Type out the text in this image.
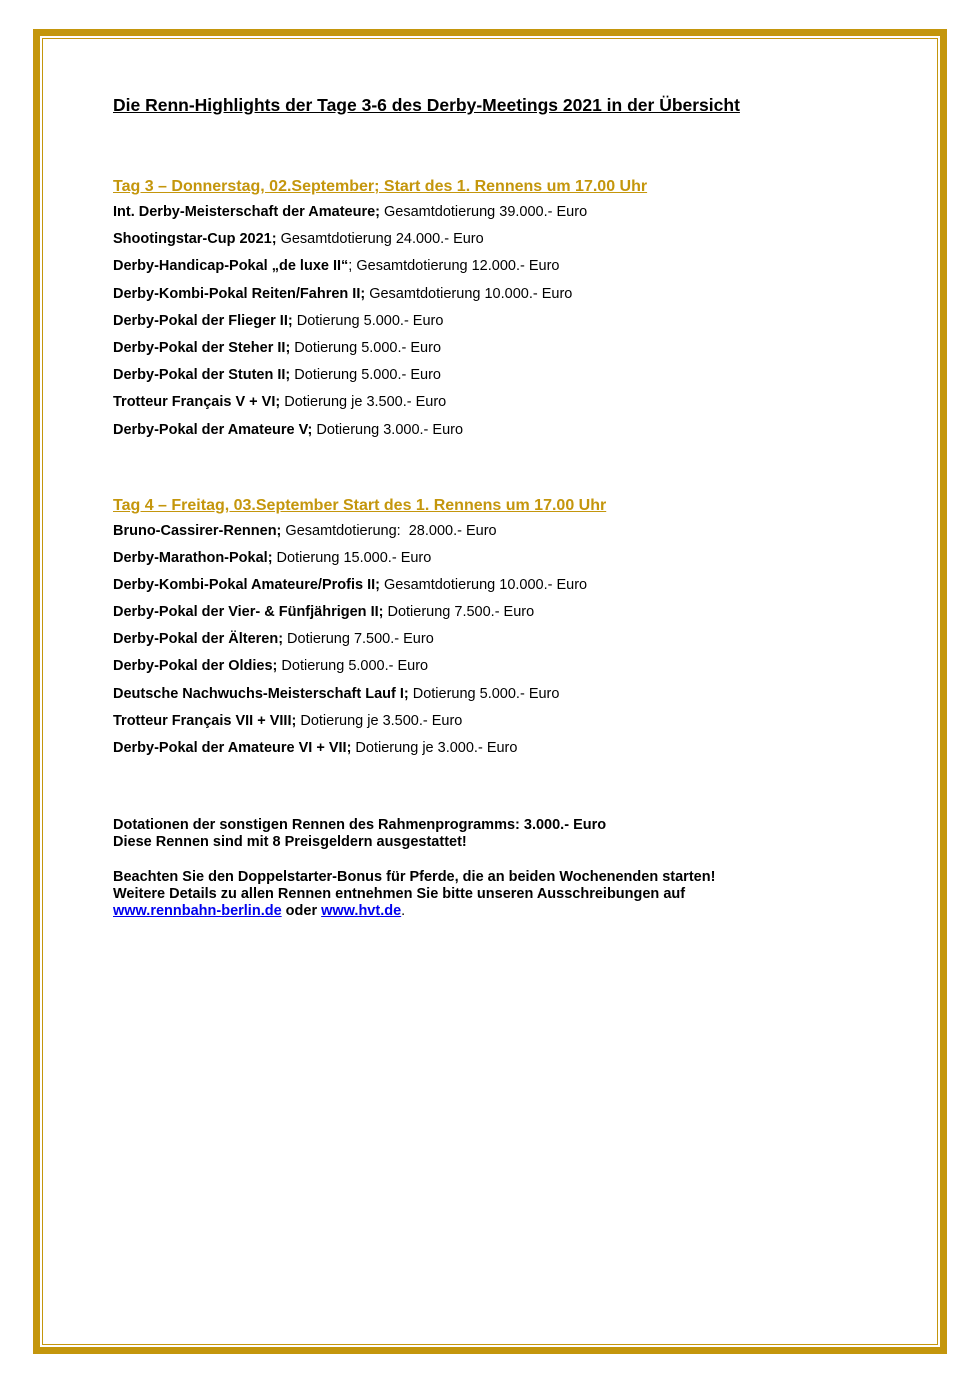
Die Renn-Highlights der Tage 3-6 des Derby-Meetings 2021 in der Übersicht
Tag 3 – Donnerstag, 02.September; Start des 1. Rennens um 17.00 Uhr
Int. Derby-Meisterschaft der Amateure; Gesamtdotierung 39.000.- Euro
Shootingstar-Cup 2021; Gesamtdotierung 24.000.- Euro
Derby-Handicap-Pokal „de luxe II“; Gesamtdotierung 12.000.- Euro
Derby-Kombi-Pokal Reiten/Fahren II; Gesamtdotierung 10.000.- Euro
Derby-Pokal der Flieger II; Dotierung 5.000.- Euro
Derby-Pokal der Steher II; Dotierung 5.000.- Euro
Derby-Pokal der Stuten II; Dotierung 5.000.- Euro
Trotteur Français V + VI; Dotierung je 3.500.- Euro
Derby-Pokal der Amateure V; Dotierung 3.000.- Euro
Tag 4 – Freitag, 03.September Start des 1. Rennens um 17.00 Uhr
Bruno-Cassirer-Rennen; Gesamtdotierung:  28.000.- Euro
Derby-Marathon-Pokal; Dotierung 15.000.- Euro
Derby-Kombi-Pokal Amateure/Profis II; Gesamtdotierung 10.000.- Euro
Derby-Pokal der Vier- & Fünfjährigen II; Dotierung 7.500.- Euro
Derby-Pokal der Älteren; Dotierung 7.500.- Euro
Derby-Pokal der Oldies; Dotierung 5.000.- Euro
Deutsche Nachwuchs-Meisterschaft Lauf I; Dotierung 5.000.- Euro
Trotteur Français VII + VIII; Dotierung je 3.500.- Euro
Derby-Pokal der Amateure VI + VII; Dotierung je 3.000.- Euro
Dotationen der sonstigen Rennen des Rahmenprogramms: 3.000.- Euro
Diese Rennen sind mit 8 Preisgeldern ausgestattet!
Beachten Sie den Doppelstarter-Bonus für Pferde, die an beiden Wochenenden starten!
Weitere Details zu allen Rennen entnehmen Sie bitte unseren Ausschreibungen auf
www.rennbahn-berlin.de oder www.hvt.de.
